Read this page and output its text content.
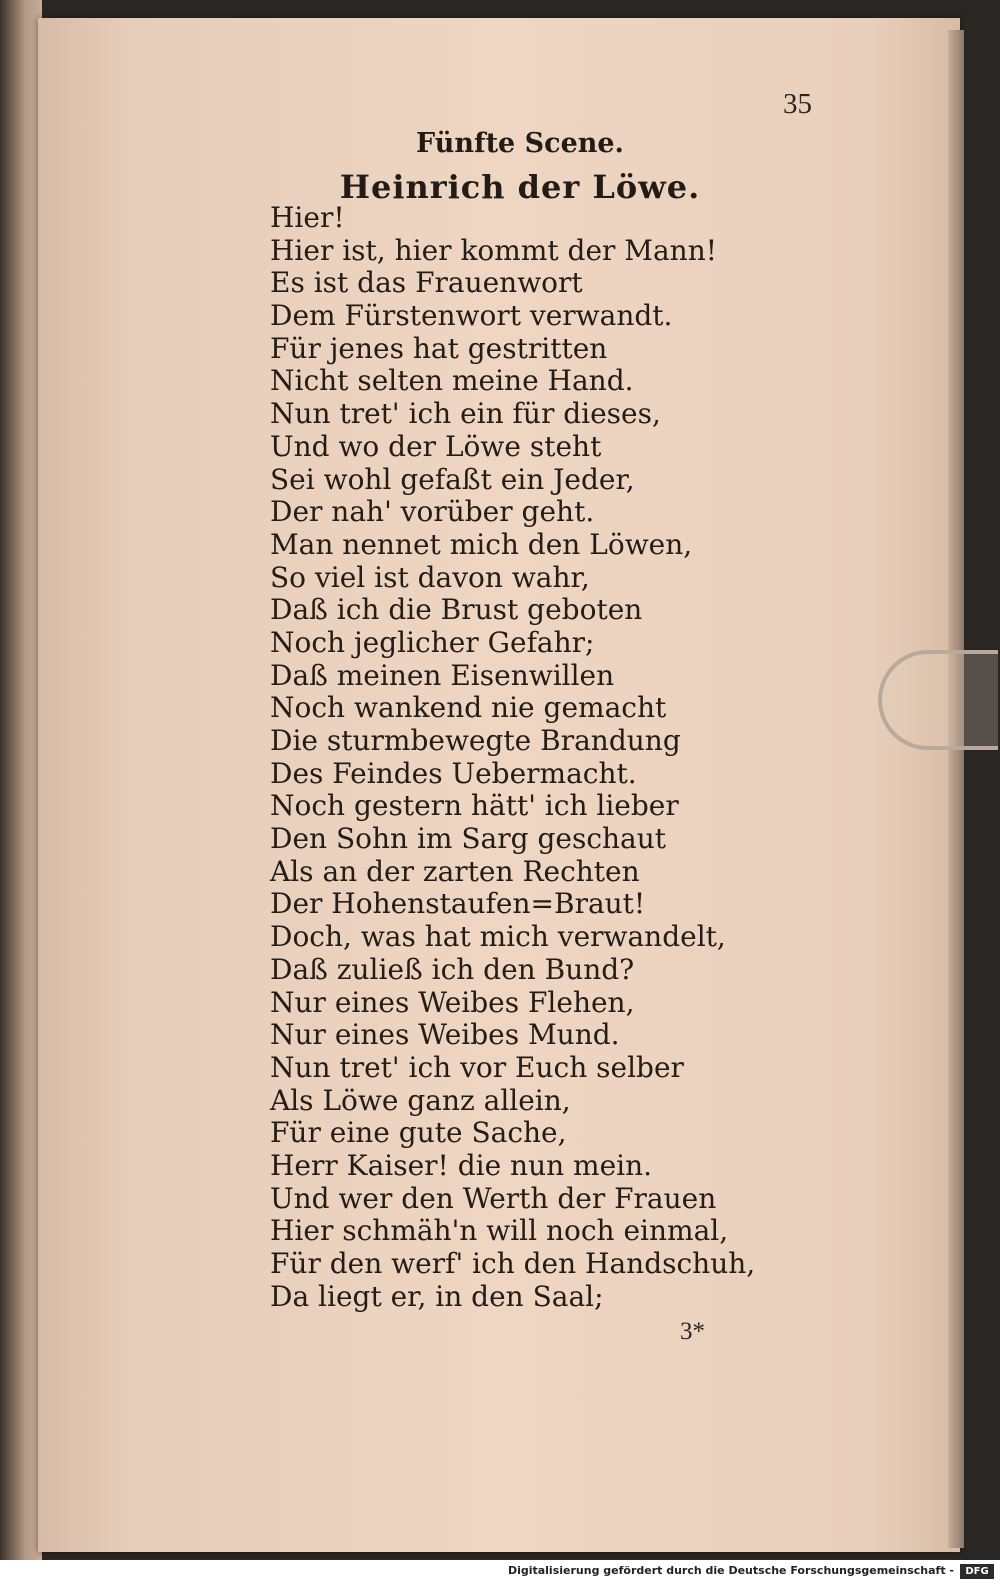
35
Fünfte Scene.
Heinrich der Löwe.
Hier!
Hier ist, hier kommt der Mann!
Es ist das Frauenwort
Dem Fürstenwort verwandt.
Für jenes hat gestritten
Nicht selten meine Hand.
Nun tret' ich ein für dieses,
Und wo der Löwe steht
Sei wohl gefaßt ein Jeder,
Der nah' vorüber geht.
Man nennet mich den Löwen,
So viel ist davon wahr,
Daß ich die Brust geboten
Noch jeglicher Gefahr;
Daß meinen Eisenwillen
Noch wankend nie gemacht
Die sturmbewegte Brandung
Des Feindes Uebermacht.
Noch gestern hätt' ich lieber
Den Sohn im Sarg geschaut
Als an der zarten Rechten
Der Hohenstaufen=Braut!
Doch, was hat mich verwandelt,
Daß zuließ ich den Bund?
Nur eines Weibes Flehen,
Nur eines Weibes Mund.
Nun tret' ich vor Euch selber
Als Löwe ganz allein,
Für eine gute Sache,
Herr Kaiser! die nun mein.
Und wer den Werth der Frauen
Hier schmäh'n will noch einmal,
Für den werf' ich den Handschuh,
Da liegt er, in den Saal;
3*
Digitalisierung gefördert durch die Deutsche Forschungsgemeinschaft -	DFG
